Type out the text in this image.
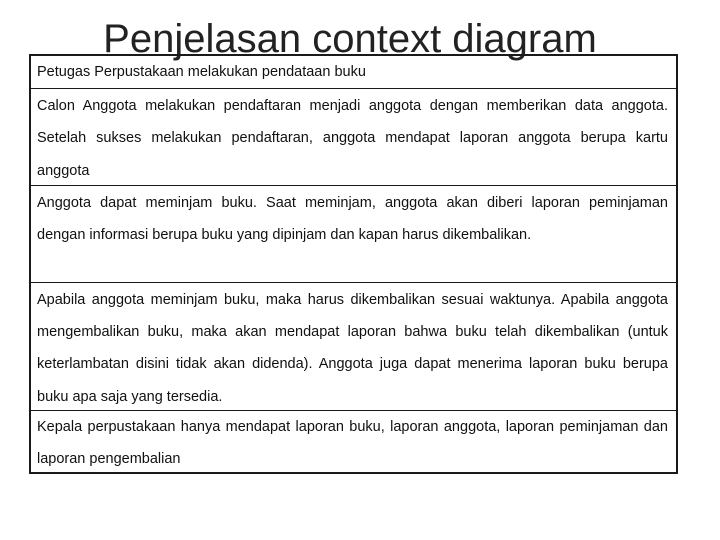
Penjelasan context diagram
Petugas Perpustakaan melakukan pendataan buku
Calon Anggota melakukan pendaftaran menjadi anggota dengan memberikan data anggota. Setelah sukses melakukan pendaftaran, anggota mendapat laporan anggota berupa kartu anggota
Anggota dapat meminjam buku. Saat meminjam, anggota akan diberi laporan peminjaman dengan informasi berupa buku yang dipinjam dan kapan harus dikembalikan.
Apabila anggota meminjam buku, maka harus dikembalikan sesuai waktunya. Apabila anggota mengembalikan buku, maka akan mendapat laporan bahwa buku telah dikembalikan (untuk keterlambatan disini tidak akan didenda). Anggota juga dapat menerima laporan buku berupa buku apa saja yang tersedia.
Kepala perpustakaan hanya mendapat laporan buku, laporan anggota, laporan peminjaman dan laporan pengembalian
